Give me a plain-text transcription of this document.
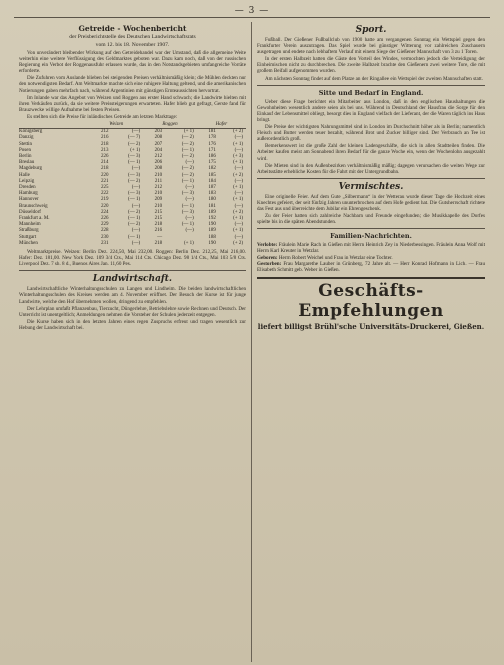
— 3 —
Getreide - Wochenbericht
der Preisberichtstelle des Deutschen Landwirtschaftsrats
vom 12. bis 18. November 1907.
Von unverändert bleibender Wirkung auf den Getreidehandel war der Umstand, daß die allgemeine Weite weiterhin eine weitere Verflüssigung des Geldmarktes geboten war. Dazu kam noch, daß von der russischen Regierung ein Verbot der Roggenausfuhr erlassen wurde, das in den Notstandsgebieten umfangreiche Vorräte erforderte.
Die Zufuhren vom Auslande blieben bei steigenden Preisen verhältnismäßig klein; die Mühlen deckten nur den notwendigsten Bedarf. Am Weltmarkte machte sich eine ruhigere Haltung geltend, und die amerikanischen Notierungen gaben mehrfach nach, während Argentinien mit günstigen Ernteaussichten hervortrat.
Im Inlande war das Angebot von Weizen und Roggen aus erster Hand schwach; die Landwirte hielten mit ihren Verkäufen zurück, da sie weitere Preissteigerungen erwarteten. Hafer blieb gut gefragt, Gerste fand für Brauzwecke willige Aufnahme bei festen Preisen.
Es stellten sich die Preise für inländisches Getreide am letzten Markttage:
	Weizen		Roggen		Hafer	
Königsberg	212	(—)	203	(+ 1)	181	(+ 2)
Danzig	216	(— 7)	208	(— 2)	178	(—)
Stettin	218	(— 2)	207	(— 2)	176	(+ 1)
Posen	213	(+ 1)	204	(— 1)	171	(—)
Berlin	226	(— 3)	212	(— 2)	186	(+ 3)
Breslau	214	(— 1)	206	(—)	175	(+ 1)
Magdeburg	218	(—)	208	(— 2)	182	(—)
Halle	220	(— 3)	210	(— 2)	185	(+ 2)
Leipzig	221	(— 2)	211	(— 1)	184	(—)
Dresden	225	(—)	212	(—)	187	(+ 1)
Hamburg	222	(— 3)	210	(— 3)	183	(—)
Hannover	219	(— 1)	209	(—)	180	(+ 1)
Braunschweig	220	(—)	210	(— 1)	181	(—)
Düsseldorf	224	(— 2)	215	(— 3)	189	(+ 2)
Frankfurt a. M.	226	(— 1)	215	(—)	192	(+ 1)
Mannheim	229	(— 2)	218	(— 1)	190	(—)
Straßburg	228	(—)	216	(—)	189	(+ 1)
Stuttgart	230	(— 1)	—		188	(—)
München	231	(—)	218	(+ 1)	190	(+ 2)
Weltmarktpreise. Weizen: Berlin Dez. 224,50, Mai 232,00. Roggen: Berlin Dez. 212,25, Mai 216,00. Hafer: Dez. 181,00. New York Dez. 109 3/4 Cts., Mai 114 Cts. Chicago Dez. 98 1/4 Cts., Mai 103 5/8 Cts. Liverpool Dez. 7 sh. 8 d., Buenos Aires Jan. 11,60 Pes.
Landwirtschaft.
Landwirtschaftliche Winterhaltungsschulen zu Langen und Lindheim. Die beiden landwirtschaftlichen Winterhaltungsschulen des Kreises werden am 4. November eröffnet. Der Besuch der Kurse ist für junge Landwirte, welche den Hof übernehmen wollen, dringend zu empfehlen.
Der Lehrplan umfaßt Pflanzenbau, Tierzucht, Düngerlehre, Betriebslehre sowie Rechnen und Deutsch. Der Unterricht ist unentgeltlich; Anmeldungen nehmen die Vorsteher der Schulen jederzeit entgegen.
Die Kurse haben sich in den letzten Jahren eines regen Zuspruchs erfreut und tragen wesentlich zur Hebung der Landwirtschaft bei.
Sport.
Fußball. Der Gießener Fußballclub von 1900 hatte am vergangenen Sonntag ein Wettspiel gegen den Frankfurter Verein auszutragen. Das Spiel wurde bei günstiger Witterung vor zahlreichen Zuschauern ausgetragen und endete nach lebhaftem Verlauf mit einem Siege der Gießener Mannschaft von 3 zu 1 Toren.
In der ersten Halbzeit hatten die Gäste den Vorteil des Windes, vermochten jedoch die Verteidigung der Einheimischen nicht zu durchbrechen. Die zweite Halbzeit brachte den Gießenern zwei weitere Tore, die mit großem Beifall aufgenommen wurden.
Am nächsten Sonntag findet auf dem Platze an der Ringallee ein Wettspiel der zweiten Mannschaften statt.
Sitte und Bedarf in England.
Ueber diese Frage berichtet ein Mitarbeiter aus London, daß in den englischen Haushaltungen die Gewohnheiten wesentlich andere seien als bei uns. Während in Deutschland der Hausfrau die Sorge für den Einkauf der Lebensmittel obliegt, besorgt dies in England vielfach der Lieferant, der die Waren täglich ins Haus bringt.
Die Preise der wichtigsten Nahrungsmittel sind in London im Durchschnitt höher als in Berlin; namentlich Fleisch und Butter werden teuer bezahlt, während Brot und Zucker billiger sind. Der Verbrauch an Tee ist außerordentlich groß.
Bemerkenswert ist die große Zahl der kleinen Ladengeschäfte, die sich in allen Stadtteilen finden. Die Arbeiter kaufen meist am Sonnabend ihren Bedarf für die ganze Woche ein, wenn der Wochenlohn ausgezahlt wird.
Die Mieten sind in den Außenbezirken verhältnismäßig mäßig; dagegen verursachen die weiten Wege zur Arbeitsstätte erhebliche Kosten für die Fahrt mit der Untergrundbahn.
Vermischtes.
Eine originelle Feier. Auf dem Gute „Silbermann“ in der Wetterau wurde dieser Tage die Hochzeit eines Knechtes gefeiert, der seit fünfzig Jahren ununterbrochen auf dem Hofe gedient hat. Die Gutsherrschaft richtete das Fest aus und überreichte dem Jubilar ein Ehrengeschenk.
Zu der Feier hatten sich zahlreiche Nachbarn und Freunde eingefunden; die Musikkapelle des Dorfes spielte bis in die späten Abendstunden.
Familien-Nachrichten.
Verlobte: Fräulein Marie Rach in Gießen mit Herrn Heinrich Zey in Niederbessingen. Fräulein Anna Wolf mit Herrn Karl Kreuter in Wetzlar.
Geboren: Herrn Robert Weichel und Frau in Wetzlar eine Tochter.
Gestorben: Frau Margarethe Lauber in Grünberg, 72 Jahre alt. — Herr Konrad Hofmann in Lich. — Frau Elisabeth Schmitt geb. Weber in Gießen.
Geschäfts-Empfehlungen
liefert billigst Brühl'sche Universitäts-Druckerei, Gießen.
